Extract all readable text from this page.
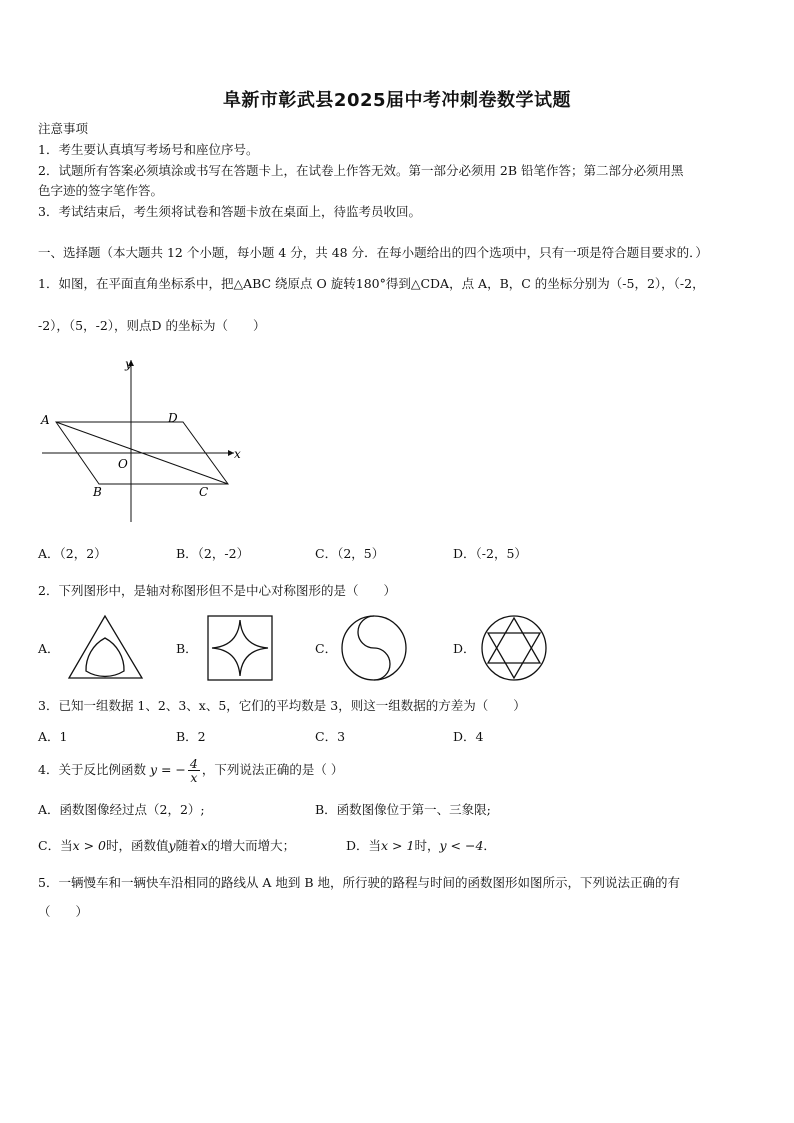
阜新市彰武县2025届中考冲刺卷数学试题
注意事项
1．考生要认真填写考场号和座位序号。
2．试题所有答案必须填涂或书写在答题卡上，在试卷上作答无效。第一部分必须用 2B 铅笔作答；第二部分必须用黑
色字迹的签字笔作答。
3．考试结束后，考生须将试卷和答题卡放在桌面上，待监考员收回。
一、选择题（本大题共 12 个小题，每小题 4 分，共 48 分．在每小题给出的四个选项中，只有一项是符合题目要求的．）
1．如图，在平面直角坐标系中，把△ABC 绕原点 O 旋转180°得到△CDA，点 A，B，C 的坐标分别为（-5，2），（-2，
-2），（5，-2），则点D 的坐标为（　　）
y
x
A	D
O
B	C
A．（2，2）	B．（2，-2）	C．（2，5）	D．（-2，5）
2．下列图形中，是轴对称图形但不是中心对称图形的是（　　）
A．	B．	C．	D．
3．已知一组数据 1、2、3、x、5，它们的平均数是 3，则这一组数据的方差为（　　）
A．1	B．2	C．3	D．4
4．关于反比例函数 y = − $\frac{4}{x}$ ，下列说法正确的是（ ）
A．函数图像经过点（2，2）;	B．函数图像位于第一、三象限;
C．当x > 0时，函数值y随着x的增大而增大；	D．当x > 1时，y < −4．
5．一辆慢车和一辆快车沿相同的路线从 A 地到 B 地，所行驶的路程与时间的函数图形如图所示，下列说法正确的有
（　　）
